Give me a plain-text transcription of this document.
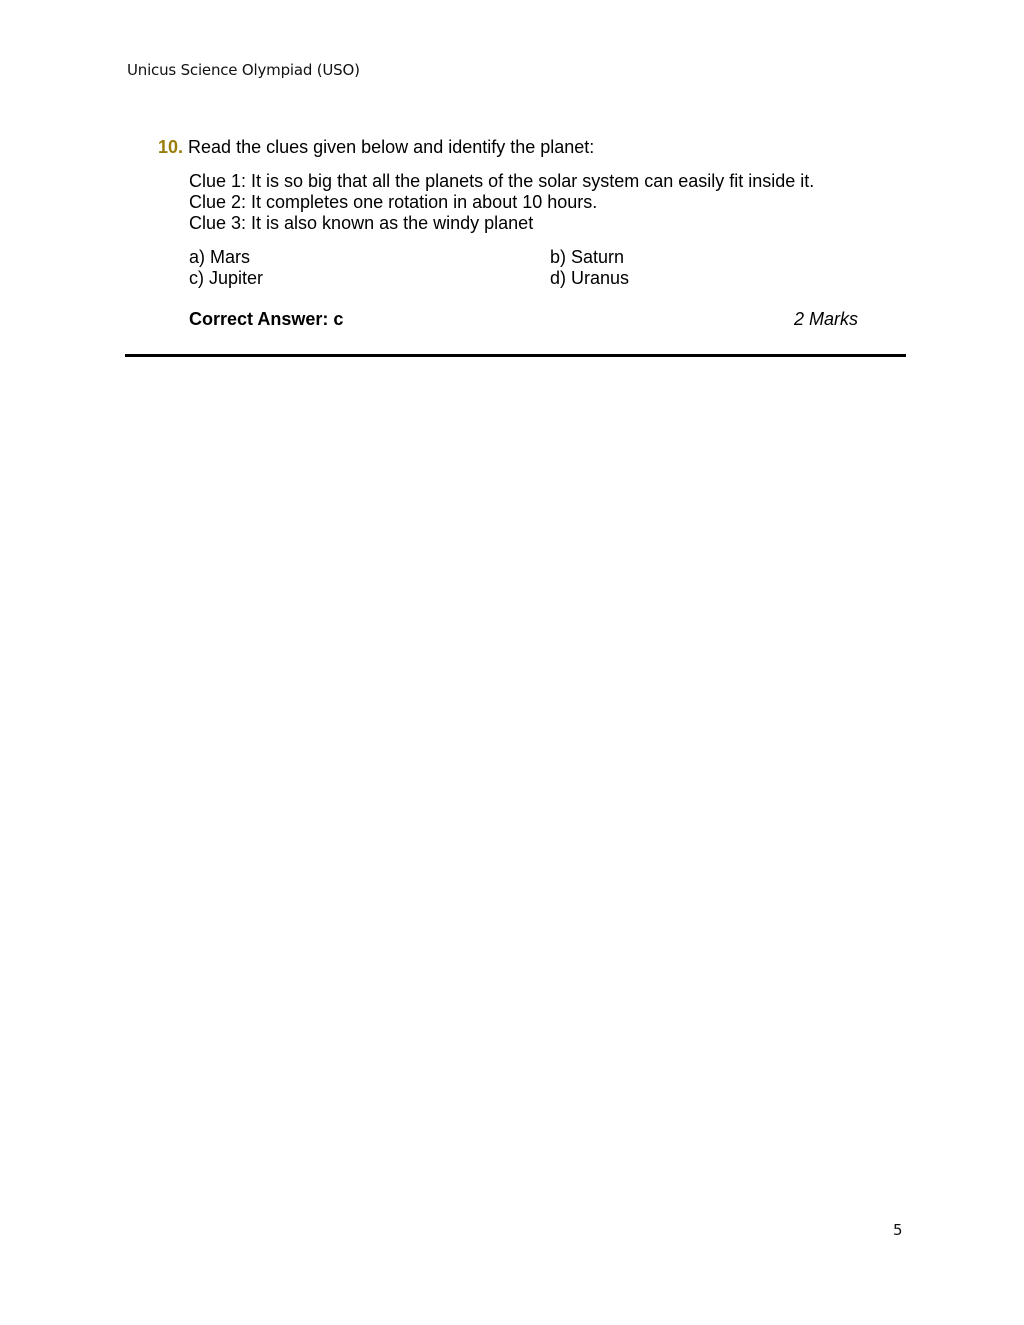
Unicus Science Olympiad (USO)
10. Read the clues given below and identify the planet:
Clue 1: It is so big that all the planets of the solar system can easily fit inside it.
Clue 2: It completes one rotation in about 10 hours.
Clue 3: It is also known as the windy planet
a) Mars	b) Saturn
c) Jupiter	d) Uranus
Correct Answer: c	2 Marks
5
